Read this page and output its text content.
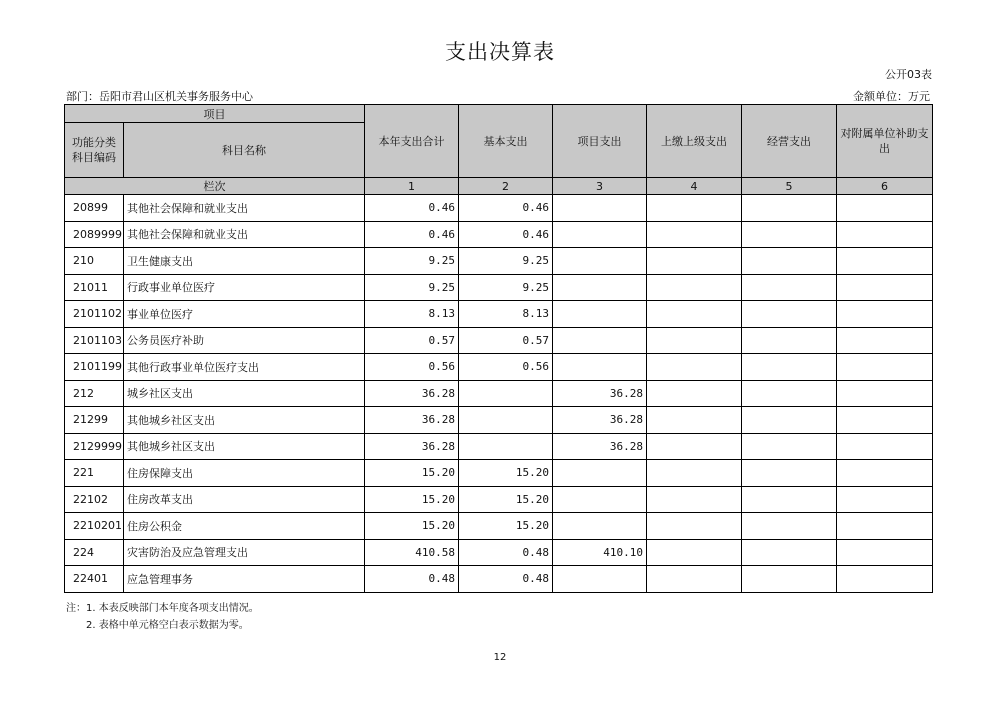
支出决算表
公开03表
部门：岳阳市君山区机关事务服务中心	金额单位：万元
项目		本年支出合计	基本支出	项目支出	上缴上级支出	经营支出	对附属单位补助支出
功能分类科目编码	科目名称						
栏次		1	2	3	4	5	6
20899	其他社会保障和就业支出	0.46	0.46				
2089999	其他社会保障和就业支出	0.46	0.46				
210	卫生健康支出	9.25	9.25				
21011	行政事业单位医疗	9.25	9.25				
2101102	事业单位医疗	8.13	8.13				
2101103	公务员医疗补助	0.57	0.57				
2101199	其他行政事业单位医疗支出	0.56	0.56				
212	城乡社区支出	36.28		36.28			
21299	其他城乡社区支出	36.28		36.28			
2129999	其他城乡社区支出	36.28		36.28			
221	住房保障支出	15.20	15.20				
22102	住房改革支出	15.20	15.20				
2210201	住房公积金	15.20	15.20				
224	灾害防治及应急管理支出	410.58	0.48	410.10			
22401	应急管理事务	0.48	0.48				
注：1. 本表反映部门本年度各项支出情况。
2. 表格中单元格空白表示数据为零。
12
